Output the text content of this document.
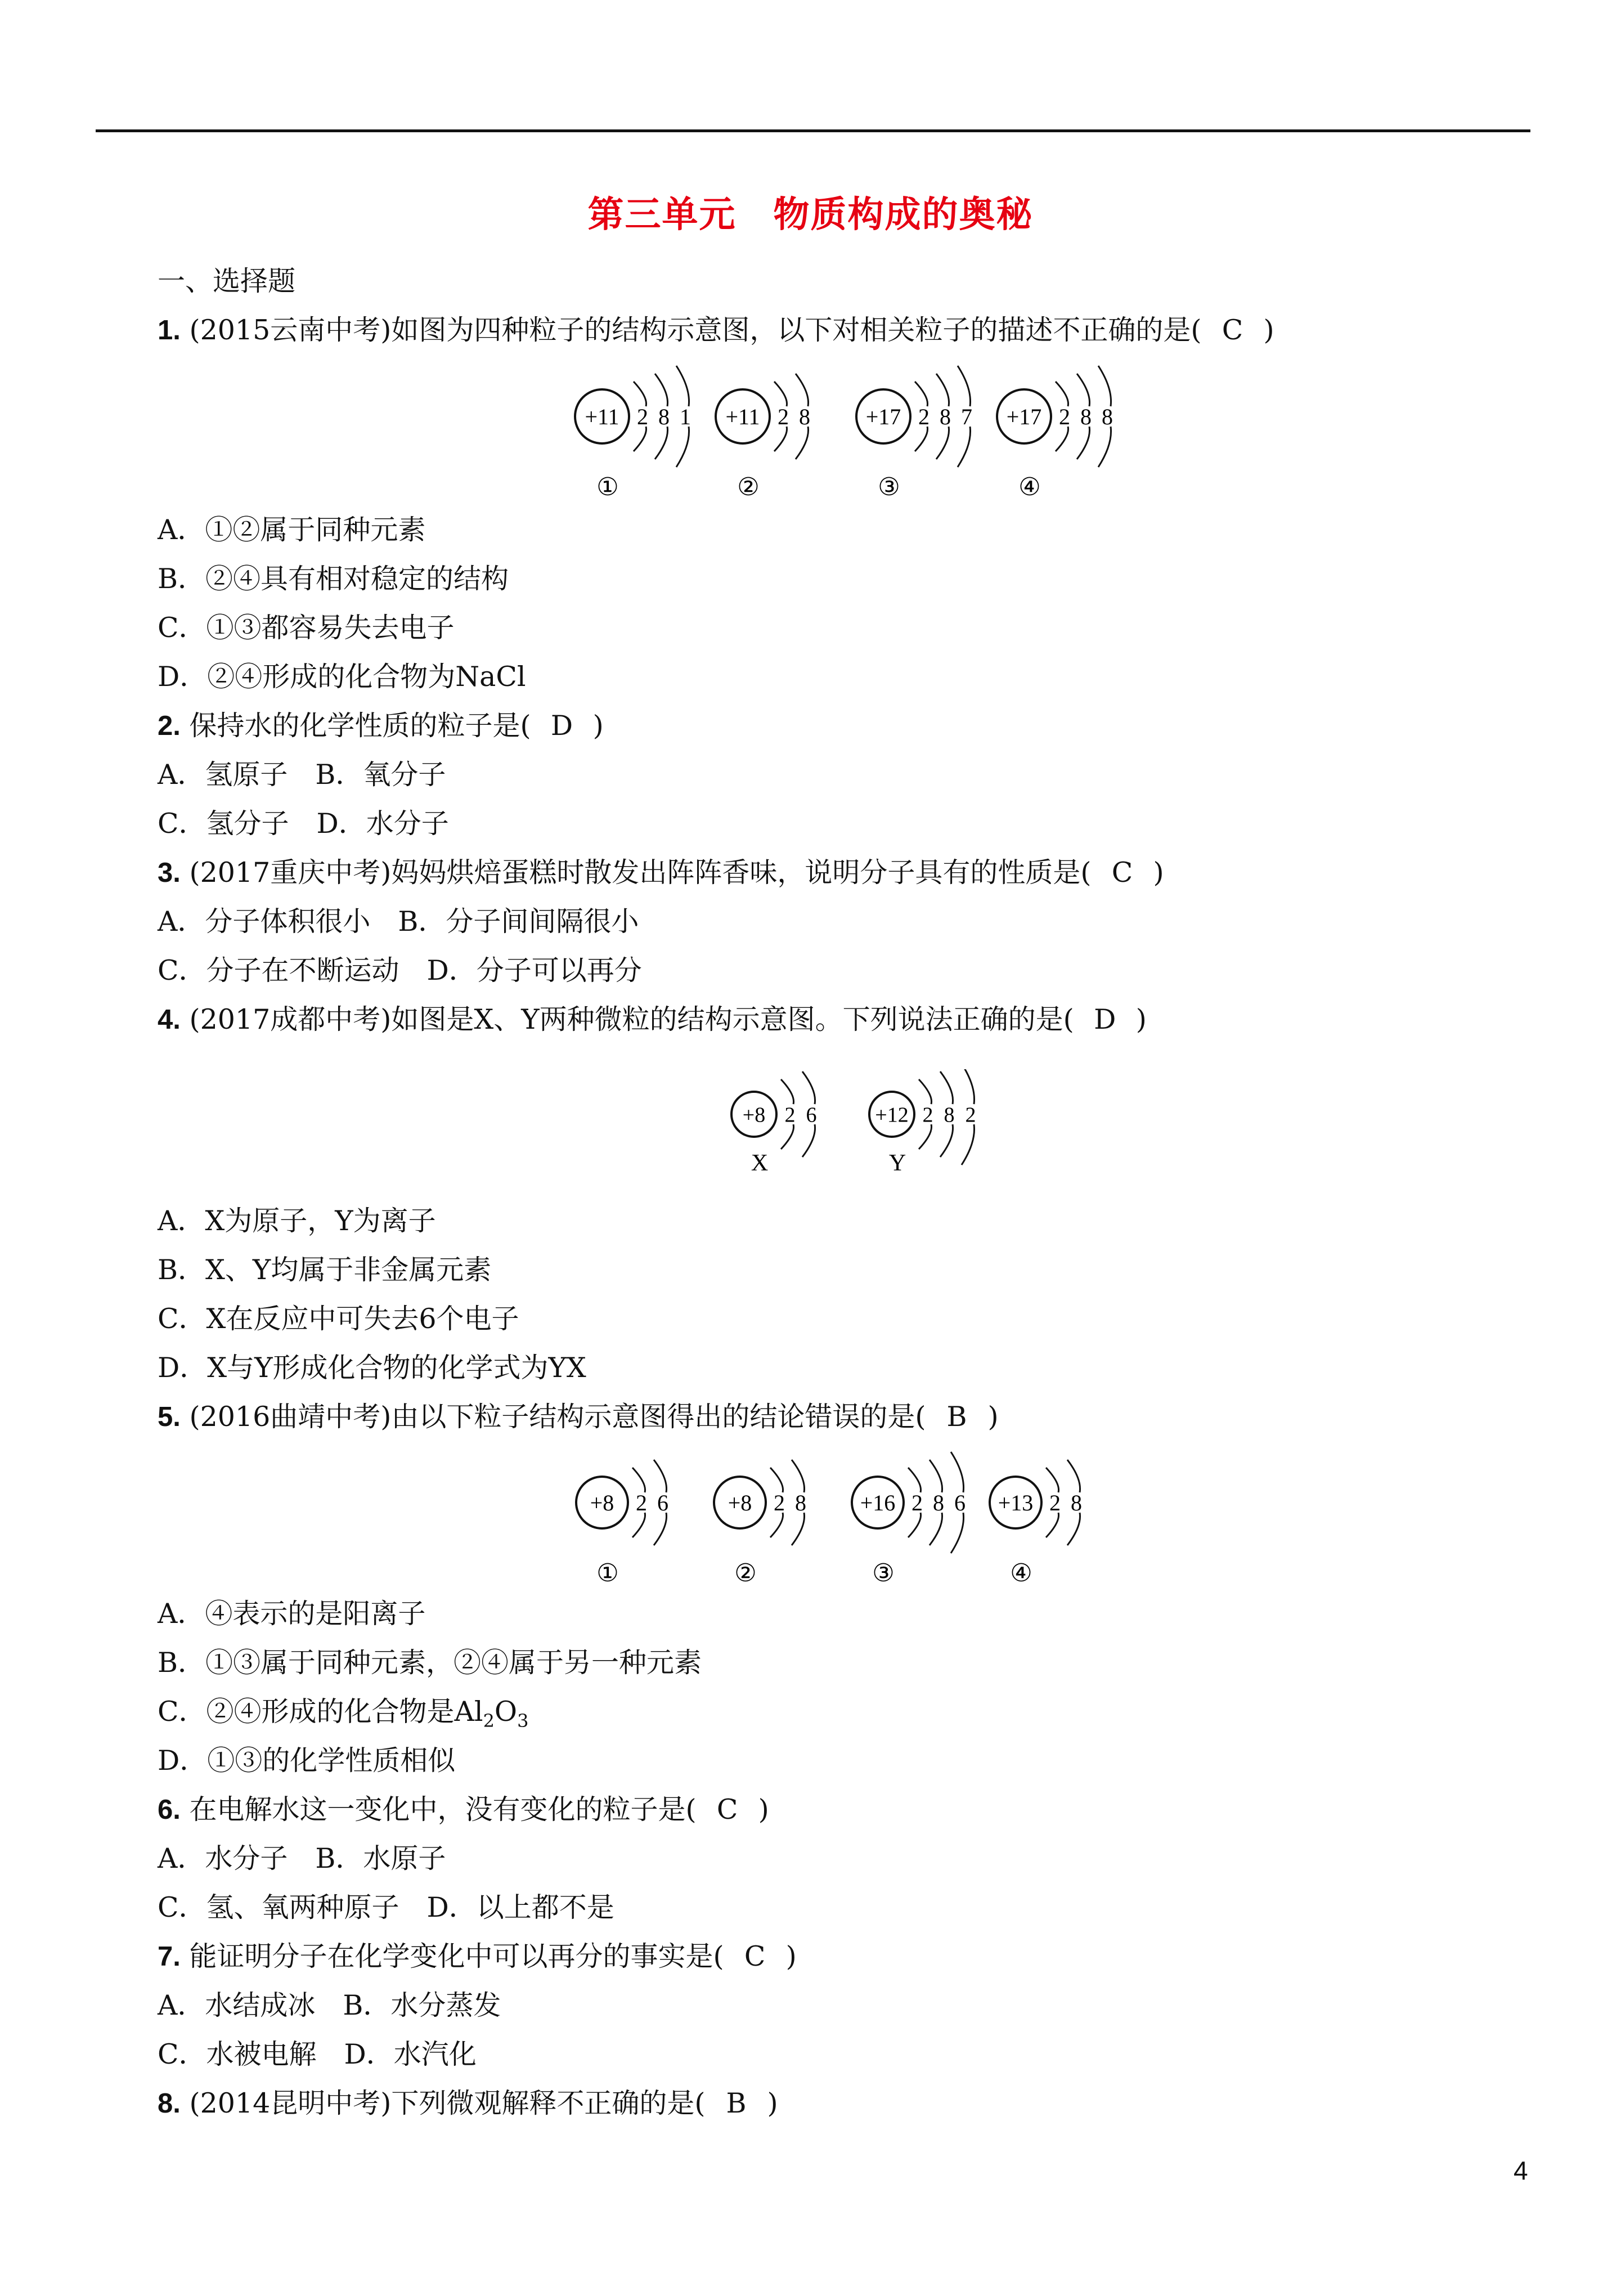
第三单元　物质构成的奥秘
一、选择题
1. (2015云南中考)如图为四种粒子的结构示意图，以下对相关粒子的描述不正确的是( C )
+11 2 8 1
①
+11 2 8
②
+17 2 8 7
③
+17 2 8 8
④
A．①②属于同种元素
B．②④具有相对稳定的结构
C．①③都容易失去电子
D．②④形成的化合物为NaCl
2. 保持水的化学性质的粒子是( D )
A．氢原子　B．氧分子
C．氢分子　D．水分子
3. (2017重庆中考)妈妈烘焙蛋糕时散发出阵阵香味，说明分子具有的性质是( C )
A．分子体积很小　B．分子间间隔很小
C．分子在不断运动　D．分子可以再分
4. (2017成都中考)如图是X、Y两种微粒的结构示意图。下列说法正确的是( D )
+8 2 6
X
+12 2 8 2
Y
A．X为原子，Y为离子
B．X、Y均属于非金属元素
C．X在反应中可失去6个电子
D．X与Y形成化合物的化学式为YX
5. (2016曲靖中考)由以下粒子结构示意图得出的结论错误的是( B )
+8 2 6
①
+8 2 8
②
+16 2 8 6
③
+13 2 8
④
A．④表示的是阳离子
B．①③属于同种元素，②④属于另一种元素
C．②④形成的化合物是$Al_2O_3$
D．①③的化学性质相似
6. 在电解水这一变化中，没有变化的粒子是( C )
A．水分子　B．水原子
C．氢、氧两种原子　D．以上都不是
7. 能证明分子在化学变化中可以再分的事实是( C )
A．水结成冰　B．水分蒸发
C．水被电解　D．水汽化
8. (2014昆明中考)下列微观解释不正确的是( B )
4
